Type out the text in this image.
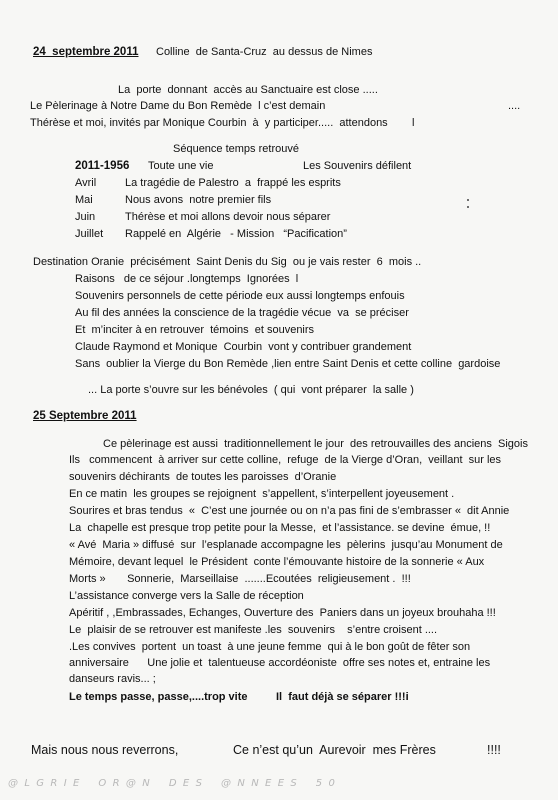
24  septembre 2011 Colline  de Santa-Cruz  au dessus de Nimes
La  porte  donnant  accès au Sanctuaire est close .....
Le Pèlerinage à Notre Dame du Bon Remède  l c’est demain	....
Thérèse et moi, invités par Monique Courbin  à  y participer.....  attendons l
Séquence temps retrouvé
2011-1956 Toute une vie	Les Souvenirs défilent
Avril	La tragédie de Palestro  a  frappé les esprits
Mai	Nous avons  notre premier fils
Juin	Thérèse et moi allons devoir nous séparer
Juillet Rappelé en  Algérie   - Mission   “Pacification”
Destination Oranie  précisément  Saint Denis du Sig  ou je vais rester  6  mois ..
Raisons   de ce séjour .longtemps  Ignorées  l
Souvenirs personnels de cette période eux aussi longtemps enfouis
Au fil des années la conscience de la tragédie vécue  va  se préciser
Et  m’inciter à en retrouver  témoins  et souvenirs
Claude Raymond et Monique  Courbin  vont y contribuer grandement
Sans  oublier la Vierge du Bon Remède ,lien entre Saint Denis et cette colline  gardoise
... La porte s’ouvre sur les bénévoles  ( qui  vont préparer  la salle )
25 Septembre 2011
Ce pèlerinage est aussi  traditionnellement le jour  des retrouvailles des anciens  Sigois
Ils   commencent  à arriver sur cette colline,  refuge  de la Vierge d’Oran,  veillant  sur les
souvenirs déchirants  de toutes les paroisses  d’Oranie
En ce matin  les groupes se rejoignent  s’appellent, s’interpellent joyeusement .
Sourires et bras tendus  «  C’est une journée ou on n’a pas fini de s’embrasser «  dit Annie
La  chapelle est presque trop petite pour la Messe,  et l’assistance. se devine  émue, !!
« Avé  Maria » diffusé  sur  l’esplanade accompagne les  pèlerins  jusqu’au Monument de
Mémoire, devant lequel  le Président  conte l’émouvante histoire de la sonnerie « Aux
Morts »       Sonnerie,  Marseillaise  .......Ecoutées  religieusement .  !!!
L’assistance converge vers la Salle de réception
Apéritif , ,Embrassades, Echanges, Ouverture des  Paniers dans un joyeux brouhaha !!!
Le  plaisir de se retrouver est manifeste .les  souvenirs    s’entre croisent ....
.Les convives  portent  un toast  à une jeune femme  qui à le bon goût de fêter son
anniversaire      Une jolie et  talentueuse accordéoniste  offre ses notes et, entraine les
danseurs ravis... ;
Le temps passe, passe,....trop vite	Il  faut déjà se séparer !!!i
Mais nous nous reverrons,	Ce n’est qu’un  Aurevoir  mes Frères	!!!!
@  L  G  R  I  E      O  R  @  N      D  E  S      @  N  N  E  E  S      5  0
